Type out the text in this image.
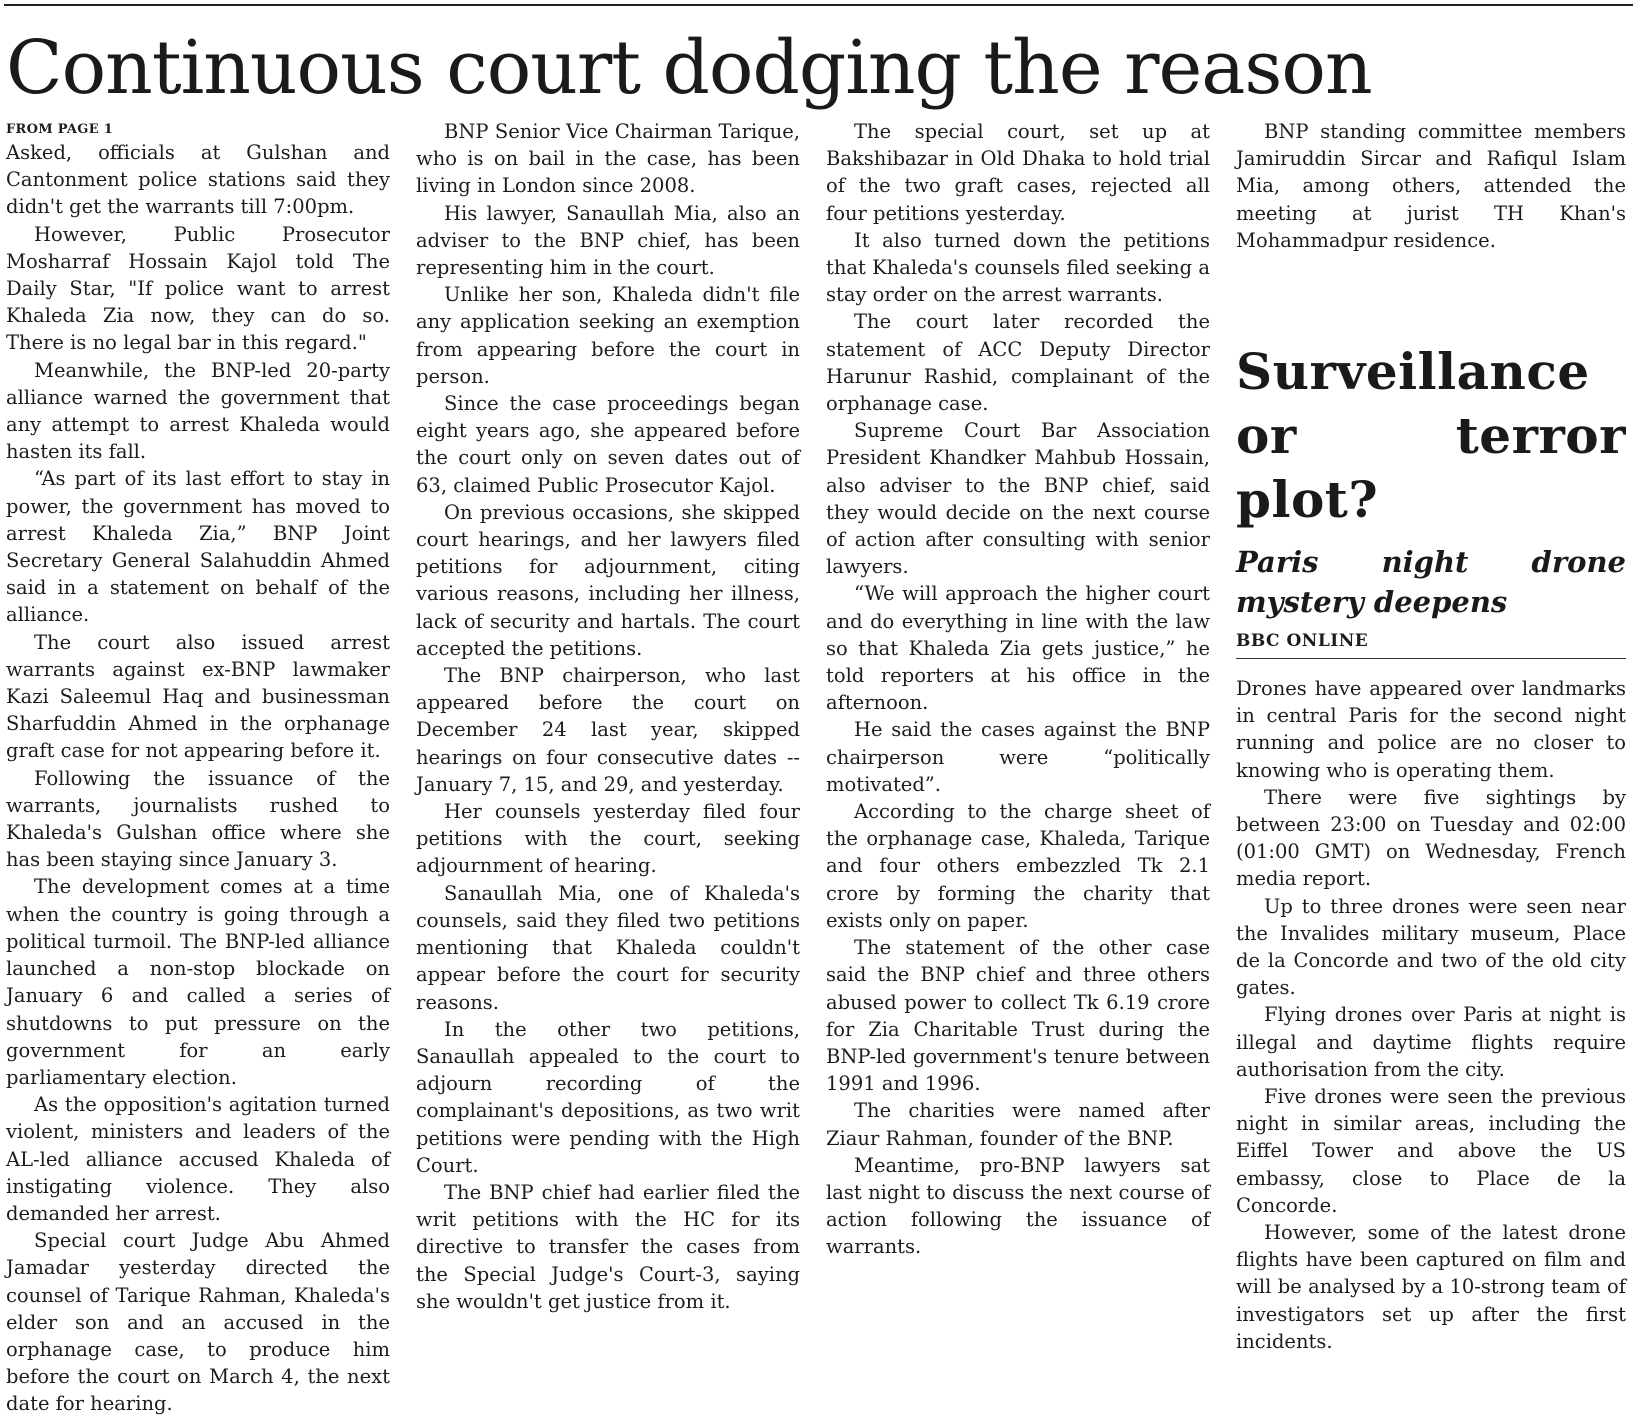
Continuous court dodging the reason
FROM PAGE 1

Asked, officials at Gulshan and Cantonment police stations said they didn't get the warrants till 7:00pm.

However, Public Prosecutor Mosharraf Hossain Kajol told The Daily Star, "If police want to arrest Khaleda Zia now, they can do so. There is no legal bar in this regard."

Meanwhile, the BNP-led 20-party alliance warned the government that any attempt to arrest Khaleda would hasten its fall.

“As part of its last effort to stay in power, the government has moved to arrest Khaleda Zia,” BNP Joint Secretary General Salahuddin Ahmed said in a statement on behalf of the alliance.

The court also issued arrest warrants against ex-BNP lawmaker Kazi Saleemul Haq and businessman Sharfuddin Ahmed in the orphanage graft case for not appearing before it.

Following the issuance of the warrants, journalists rushed to Khaleda's Gulshan office where she has been staying since January 3.

The development comes at a time when the country is going through a political turmoil. The BNP-led alliance launched a non-stop blockade on January 6 and called a series of shutdowns to put pressure on the government for an early parliamentary election.

As the opposition's agitation turned violent, ministers and leaders of the AL-led alliance accused Khaleda of instigating violence. They also demanded her arrest.

Special court Judge Abu Ahmed Jamadar yesterday directed the counsel of Tarique Rahman, Khaleda's elder son and an accused in the orphanage case, to produce him before the court on March 4, the next date for hearing.

BNP Senior Vice Chairman Tarique, who is on bail in the case, has been living in London since 2008.

His lawyer, Sanaullah Mia, also an adviser to the BNP chief, has been representing him in the court.

Unlike her son, Khaleda didn't file any application seeking an exemption from appearing before the court in person.

Since the case proceedings began eight years ago, she appeared before the court only on seven dates out of 63, claimed Public Prosecutor Kajol.

On previous occasions, she skipped court hearings, and her lawyers filed petitions for adjournment, citing various reasons, including her illness, lack of security and hartals. The court accepted the petitions.

The BNP chairperson, who last appeared before the court on December 24 last year, skipped hearings on four consecutive dates -- January 7, 15, and 29, and yesterday.

Her counsels yesterday filed four petitions with the court, seeking adjournment of hearing.

Sanaullah Mia, one of Khaleda's counsels, said they filed two petitions mentioning that Khaleda couldn't appear before the court for security reasons.

In the other two petitions, Sanaullah appealed to the court to adjourn recording of the complainant's depositions, as two writ petitions were pending with the High Court.

The BNP chief had earlier filed the writ petitions with the HC for its directive to transfer the cases from the Special Judge's Court-3, saying she wouldn't get justice from it.

The special court, set up at Bakshibazar in Old Dhaka to hold trial of the two graft cases, rejected all four petitions yesterday.

It also turned down the petitions that Khaleda's counsels filed seeking a stay order on the arrest warrants.

The court later recorded the statement of ACC Deputy Director Harunur Rashid, complainant of the orphanage case.

Supreme Court Bar Association President Khandker Mahbub Hossain, also adviser to the BNP chief, said they would decide on the next course of action after consulting with senior lawyers.

“We will approach the higher court and do everything in line with the law so that Khaleda Zia gets justice,” he told reporters at his office in the afternoon.

He said the cases against the BNP chairperson were “politically motivated”.

According to the charge sheet of the orphanage case, Khaleda, Tarique and four others embezzled Tk 2.1 crore by forming the charity that exists only on paper.

The statement of the other case said the BNP chief and three others abused power to collect Tk 6.19 crore for Zia Charitable Trust during the BNP-led government's tenure between 1991 and 1996.

The charities were named after Ziaur Rahman, founder of the BNP.

Meantime, pro-BNP lawyers sat last night to discuss the next course of action following the issuance of warrants.

BNP standing committee members Jamiruddin Sircar and Rafiqul Islam Mia, among others, attended the meeting at jurist TH Khan's Mohammadpur residence.

Surveillance or terror plot?
Paris night drone mystery deepens
BBC ONLINE

Drones have appeared over landmarks in central Paris for the second night running and police are no closer to knowing who is operating them.

There were five sightings by between 23:00 on Tuesday and 02:00 (01:00 GMT) on Wednesday, French media report.

Up to three drones were seen near the Invalides military museum, Place de la Concorde and two of the old city gates.

Flying drones over Paris at night is illegal and daytime flights require authorisation from the city.

Five drones were seen the previous night in similar areas, including the Eiffel Tower and above the US embassy, close to Place de la Concorde.

However, some of the latest drone flights have been captured on film and will be analysed by a 10-strong team of investigators set up after the first incidents.
